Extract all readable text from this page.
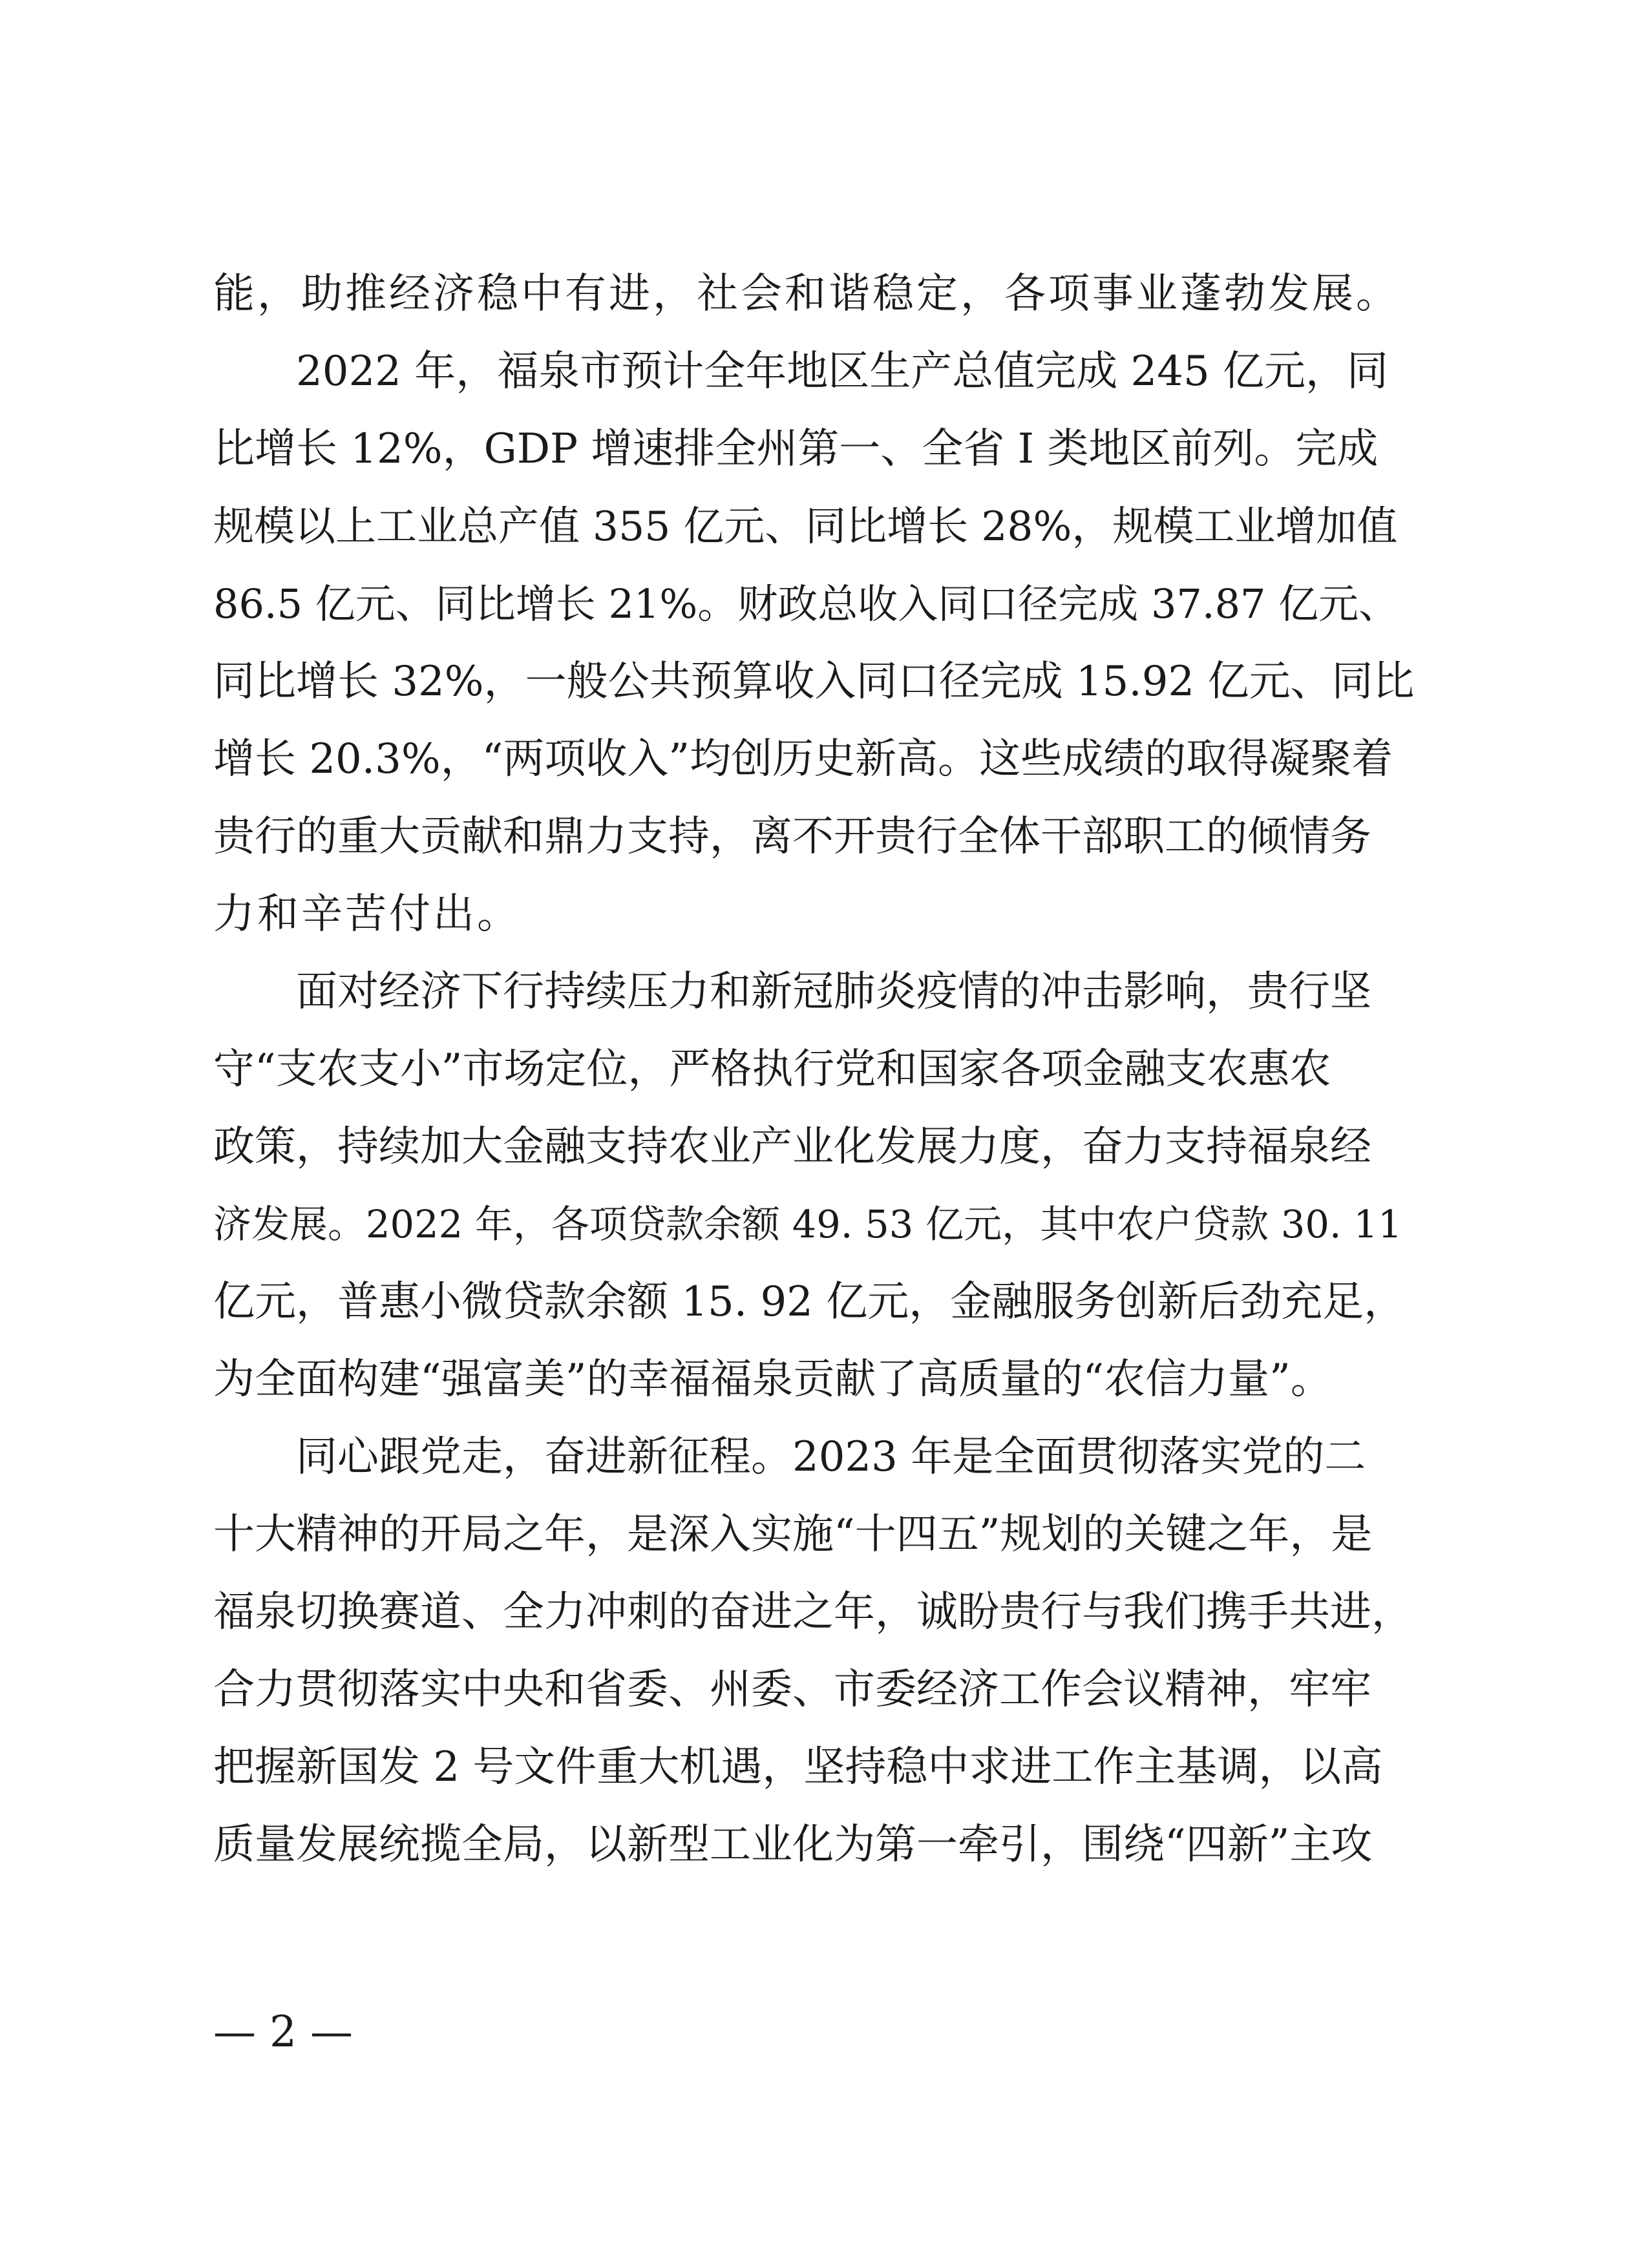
能，助推经济稳中有进，社会和谐稳定，各项事业蓬勃发展。
2022 年，福泉市预计全年地区生产总值完成 245 亿元，同
比增长 12%，GDP 增速排全州第一、全省 I 类地区前列。完成
规模以上工业总产值 355 亿元、同比增长 28%，规模工业增加值
86.5 亿元、同比增长 21%。财政总收入同口径完成 37.87 亿元、
同比增长 32%，一般公共预算收入同口径完成 15.92 亿元、同比
增长 20.3%，“两项收入”均创历史新高。这些成绩的取得凝聚着
贵行的重大贡献和鼎力支持，离不开贵行全体干部职工的倾情务
力和辛苦付出。
面对经济下行持续压力和新冠肺炎疫情的冲击影响，贵行坚
守“支农支小”市场定位，严格执行党和国家各项金融支农惠农
政策，持续加大金融支持农业产业化发展力度，奋力支持福泉经
济发展。2022 年，各项贷款余额 49. 53 亿元，其中农户贷款 30. 11
亿元，普惠小微贷款余额 15. 92 亿元，金融服务创新后劲充足，
为全面构建“强富美”的幸福福泉贡献了高质量的“农信力量”。
同心跟党走，奋进新征程。2023 年是全面贯彻落实党的二
十大精神的开局之年，是深入实施“十四五”规划的关键之年，是
福泉切换赛道、全力冲刺的奋进之年，诚盼贵行与我们携手共进，
合力贯彻落实中央和省委、州委、市委经济工作会议精神，牢牢
把握新国发 2 号文件重大机遇，坚持稳中求进工作主基调，以高
质量发展统揽全局，以新型工业化为第一牵引，围绕“四新”主攻
— 2 —
